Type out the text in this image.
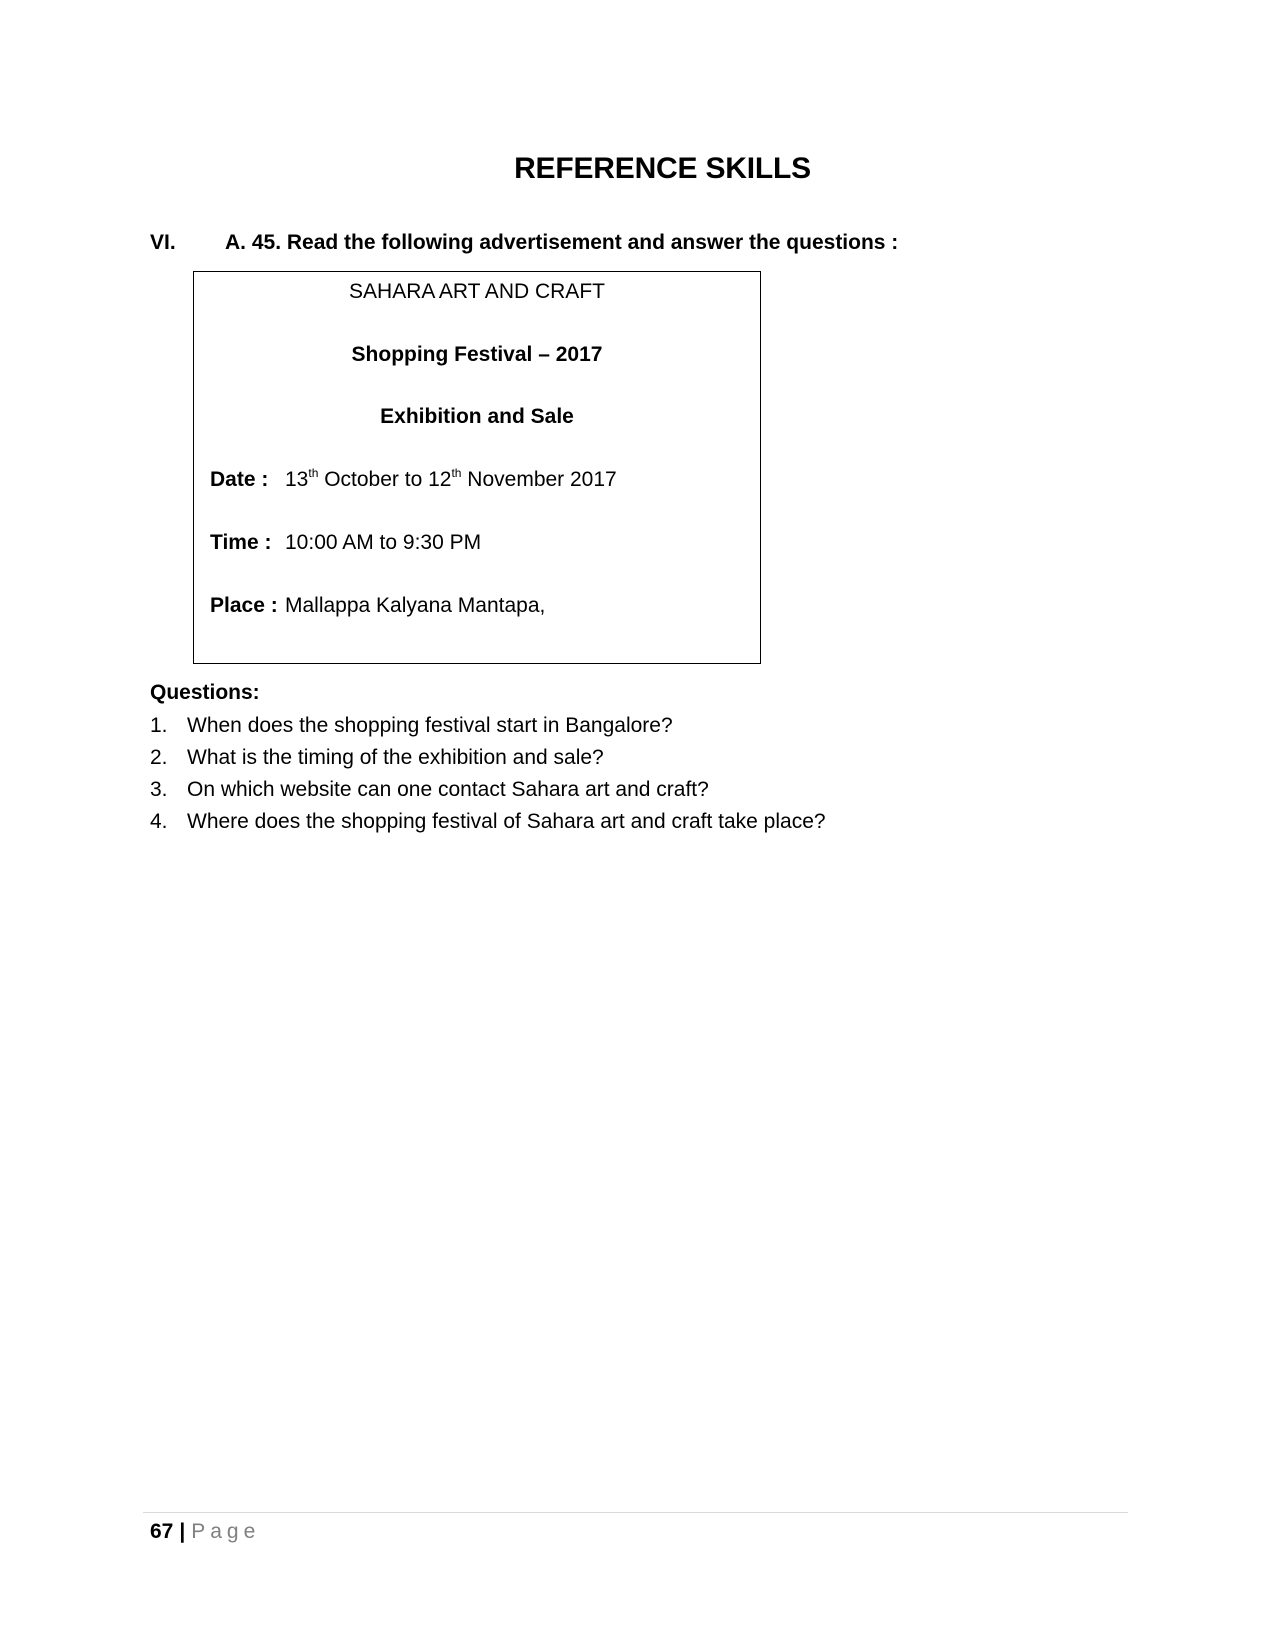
REFERENCE SKILLS
VI. A. 45. Read the following advertisement and answer the questions :
SAHARA ART AND CRAFT
Shopping Festival – 2017
Exhibition and Sale
Date : 13th October to 12th November 2017
Time : 10:00 AM to 9:30 PM
Place : Mallappa Kalyana Mantapa,
Questions:
1. When does the shopping festival start in Bangalore?
2. What is the timing of the exhibition and sale?
3. On which website can one contact Sahara art and craft?
4. Where does the shopping festival of Sahara art and craft take place?
67 | Page
